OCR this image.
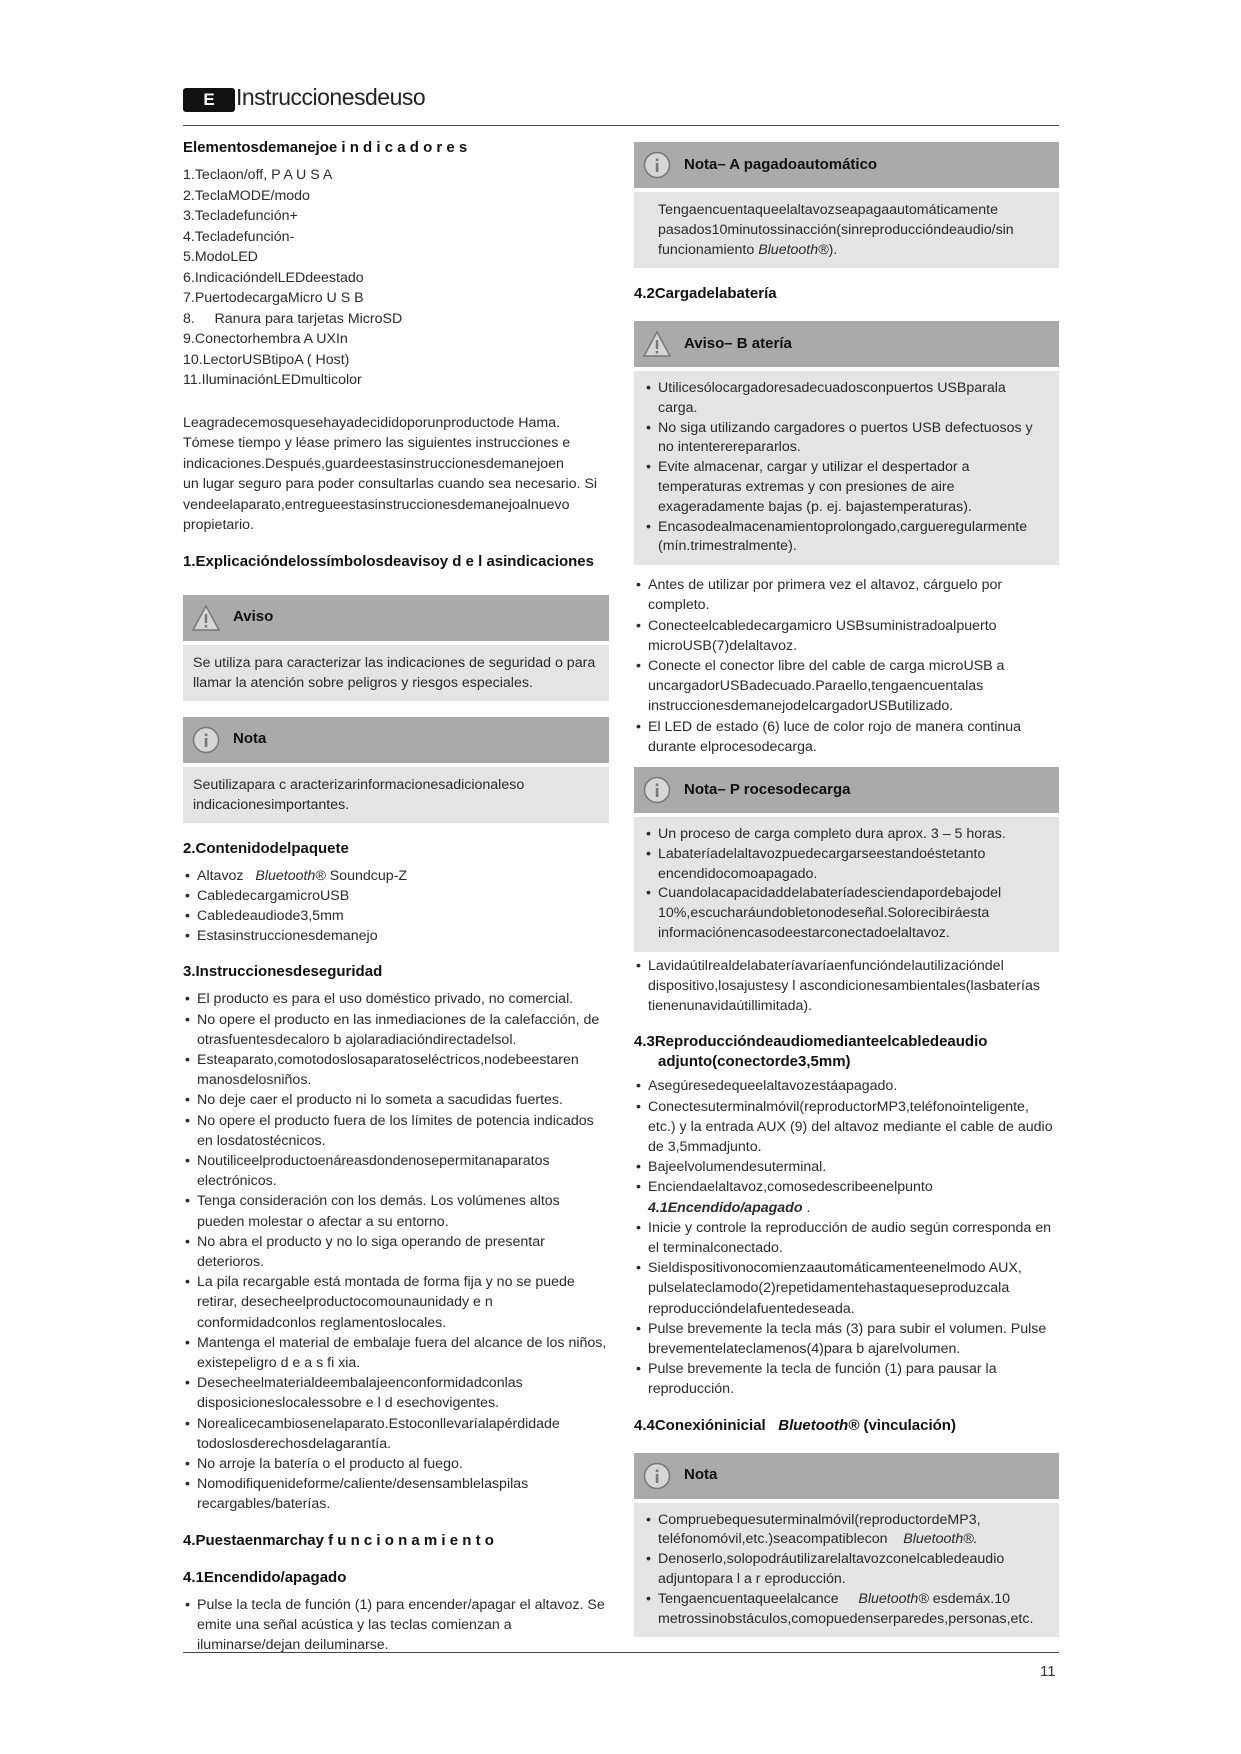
E Instruccionesdeuso
Elementosdemanejoe i n d i c a d o r e s
1.Teclaon/off, P A U S A
2.TeclaMODE/modo
3.Tecladefunción+
4.Tecladefunción-
5.ModoLED
6.IndicacióndelLEDdeestado
7.PuertodecargaMicro U S B
8.     Ranura para tarjetas MicroSD
9.Conectorhembra A UXIn
10.LectorUSBtipoA ( Host)
11.IluminaciónLEDmulticolor
Leagradecemosquesehayadecididoporunproductode Hama.
Tómese tiempo y léase primero las siguientes instrucciones e
indicaciones.Después,guardeestasinstruccionesdemanejoen
un lugar seguro para poder consultarlas cuando sea necesario. Si
vendeelaparato,entregueestasinstruccionesdemanejoalnuevo
propietario.
1.Explicacióndelossímbolosdeavisoy d e l asindicaciones
Aviso
Se utiliza para caracterizar las indicaciones de seguridad o para
llamar la atención sobre peligros y riesgos especiales.
Nota
Seutilizapara c aracterizarinformacionesadicionaleso
indicacionesimportantes.
2.Contenidodelpaquete
• Altavoz Bluetooth® Soundcup-Z
• CabledecargamicroUSB
• Cabledeaudiode3,5mm
• Estasinstruccionesdemanejo
3.Instruccionesdeseguridad
• El producto es para el uso doméstico privado, no comercial.
• No opere el producto en las inmediaciones de la calefacción, de otrasfuentesdecaloro b ajolaradiacióndirectadelsol.
• Esteaparato,comotodoslosaparatoseléctricos,nodebeestaren manosdelosniños.
• No deje caer el producto ni lo someta a sacudidas fuertes.
• No opere el producto fuera de los límites de potencia indicados en losdatostécnicos.
• Noutiliceelproductoenáreasdondenosepermitanaparatos electrónicos.
• Tenga consideración con los demás. Los volúmenes altos pueden molestar o afectar a su entorno.
• No abra el producto y no lo siga operando de presentar deterioros.
• La pila recargable está montada de forma fija y no se puede retirar, desecheelproductocomounaunidady e n conformidadconlos reglamentoslocales.
• Mantenga el material de embalaje fuera del alcance de los niños, existepeligro d e a s fi xia.
• Desecheelmaterialdeembalajeenconformidadconlas disposicioneslocalessobre e l d esechovigentes.
• Norealicecambiosenelaparato.Estoconllevaríalapérdidade todoslosderechosdelagarantía.
• No arroje la batería o el producto al fuego.
• Nomodifiquenideforme/caliente/desensamblelaspilas recargables/baterías.
4.Puestaenmarchay f u n c i o n a m i e n t o
4.1Encendido/apagado
• Pulse la tecla de función (1) para encender/apagar el altavoz. Se emite una señal acústica y las teclas comienzan a iluminarse/dejan deiluminarse.
Nota– A pagadoautomático
Tengaencuentaqueelaltavozseapagaautomáticamente pasados10minutossinacción(sinreproduccióndeaudio/sin funcionamiento Bluetooth®).
4.2Cargadelabatería
Aviso– B atería
• Utilicesólocargadoresadecuadosconpuertos USBparala carga.
• No siga utilizando cargadores o puertos USB defectuosos y no intentererepararlos.
• Evite almacenar, cargar y utilizar el despertador a temperaturas extremas y con presiones de aire exageradamente bajas (p. ej. bajastemperaturas).
• Encasodealmacenamientoprolongado,cargueregularmente (mín.trimestralmente).
• Antes de utilizar por primera vez el altavoz, cárguelo por completo.
• Conecteelcabledecargamicro USBsuministradoalpuerto microUSB(7)delaltavoz.
• Conecte el conector libre del cable de carga microUSB a uncargadorUSBadecuado.Paraello,tengaencuentalas instruccionesdemanejodelcargadorUSButilizado.
• El LED de estado (6) luce de color rojo de manera continua durante elprocesodecarga.
Nota– P rocesodecarga
• Un proceso de carga completo dura aprox. 3 – 5 horas.
• Labateríadelaltavozpuedecargarseestandoéstetanto encendidocomoapagado.
• Cuandolacapacidaddelabateríadesciendapordebajodel 10%,escucharáundobletonodeseñal.Solorecibiráesta informaciónencasodeestarconectadoelaltavoz.
• Lavidaútilrealdelabateríavaríaenfuncióndelautilizacióndel dispositivo,losajustesy l ascondicionesambientales(lasbaterías tienenunavidaútillimitada).
4.3Reproduccióndeaudiomedianteelcabledeaudio
adjunto(conectorde3,5mm)
• Asegúresedequeelaltavozestáapagado.
• Conectesuterminalmóvil(reproductorMP3,teléfonointeligente, etc.) y la entrada AUX (9) del altavoz mediante el cable de audio de 3,5mmadjunto.
• Bajeelvolumendesuterminal.
• Enciendaelaltavoz,comosedescribeenelpunto
4.1Encendido/apagado .
• Inicie y controle la reproducción de audio según corresponda en el terminalconectado.
• Sieldispositivonocomienzaautomáticamenteenelmodo AUX, pulselateclamodo(2)repetidamentehastaqueseproduzcala reproduccióndelafuentedeseada.
• Pulse brevemente la tecla más (3) para subir el volumen. Pulse brevementelateclamenos(4)para b ajarelvolumen.
• Pulse brevemente la tecla de función (1) para pausar la reproducción.
4.4Conexióninicial Bluetooth® (vinculación)
Nota
• Compruebequesuterminalmóvil(reproductordeMP3, teléfonomóvil,etc.)seacompatiblecon Bluetooth®.
• Denoserlo,solopodráutilizarelaltavozconelcabledeaudio adjuntopara l a r eproducción.
• Tengaencuentaqueelalcance Bluetooth® esdemáx.10 metrossinobstáculos,comopuedenserparedes,personas,etc.
11
